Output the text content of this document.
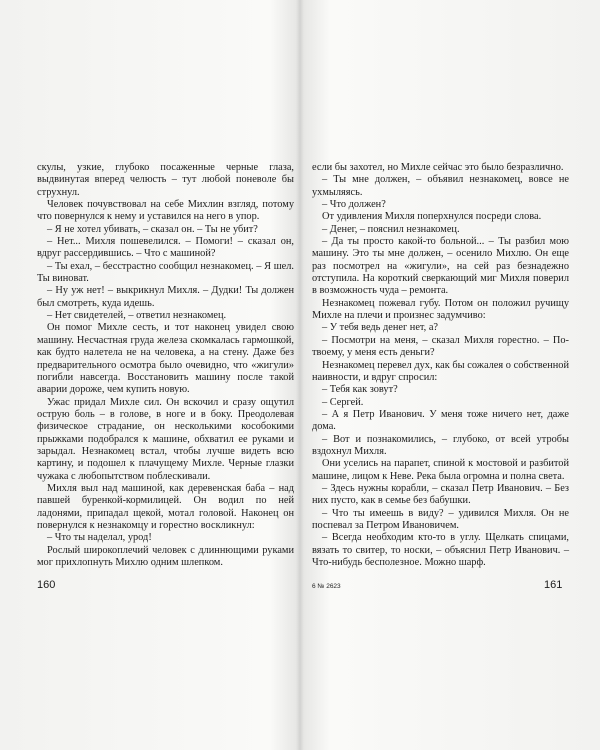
скулы, узкие, глубоко посаженные черные глаза, выдвинутая вперед челюсть – тут любой поневоле бы струхнул.

Человек почувствовал на себе Михлин взгляд, потому что повернулся к нему и уставился на него в упор.

– Я не хотел убивать, – сказал он. – Ты не убит?

– Нет... Михля пошевелился. – Помоги! – сказал он, вдруг рассердившись. – Что с машиной?

– Ты ехал, – бесстрастно сообщил незнакомец. – Я шел. Ты виноват.

– Ну уж нет! – выкрикнул Михля. – Дудки! Ты должен был смотреть, куда идешь.

– Нет свидетелей, – ответил незнакомец.

Он помог Михле сесть, и тот наконец увидел свою машину. Несчастная груда железа скомкалась гармошкой, как будто налетела не на человека, а на стену. Даже без предварительного осмотра было очевидно, что «жигули» погибли навсегда. Восстановить машину после такой аварии дороже, чем купить новую.

Ужас придал Михле сил. Он вскочил и сразу ощутил острую боль – в голове, в ноге и в боку. Преодолевая физическое страдание, он несколькими кособокими прыжками подобрался к машине, обхватил ее руками и зарыдал. Незнакомец встал, чтобы лучше видеть всю картину, и подошел к плачущему Михле. Черные глазки чужака с любопытством поблескивали.

Михля выл над машиной, как деревенская баба – над павшей буренкой-кормилицей. Он водил по ней ладонями, припадал щекой, мотал головой. Наконец он повернулся к незнакомцу и горестно воскликнул:

– Что ты наделал, урод!

Рослый широкоплечий человек с длиннющими руками мог прихлопнуть Михлю одним шлепком.

если бы захотел, но Михле сейчас это было безразлично.

– Ты мне должен, – объявил незнакомец, вовсе не ухмыляясь.

– Что должен?

От удивления Михля поперхнулся посреди слова.

– Денег, – пояснил незнакомец.

– Да ты просто какой-то больной... – Ты разбил мою машину. Это ты мне должен, – осенило Михлю. Он еще раз посмотрел на «жигули», на сей раз безнадежно отступила. На короткий сверкающий миг Михля поверил в возможность чуда – ремонта.

Незнакомец пожевал губу. Потом он положил ручищу Михле на плечи и произнес задумчиво:

– У тебя ведь денег нет, а?

– Посмотри на меня, – сказал Михля горестно. – По-твоему, у меня есть деньги?

Незнакомец перевел дух, как бы сожалея о собственной наивности, и вдруг спросил:

– Тебя как зовут?

– Сергей.

– А я Петр Иванович. У меня тоже ничего нет, даже дома.

– Вот и познакомились, – глубоко, от всей утробы вздохнул Михля.

Они уселись на парапет, спиной к мостовой и разбитой машине, лицом к Неве. Река была огромна и полна света.

– Здесь нужны корабли, – сказал Петр Иванович. – Без них пусто, как в семье без бабушки.

– Что ты имеешь в виду? – удивился Михля. Он не поспевал за Петром Ивановичем.

– Всегда необходим кто-то в углу. Щелкать спицами, вязать то свитер, то носки, – объяснил Петр Иванович. – Что-нибудь бесполезное. Можно шарф.

160	6 № 2623	161
